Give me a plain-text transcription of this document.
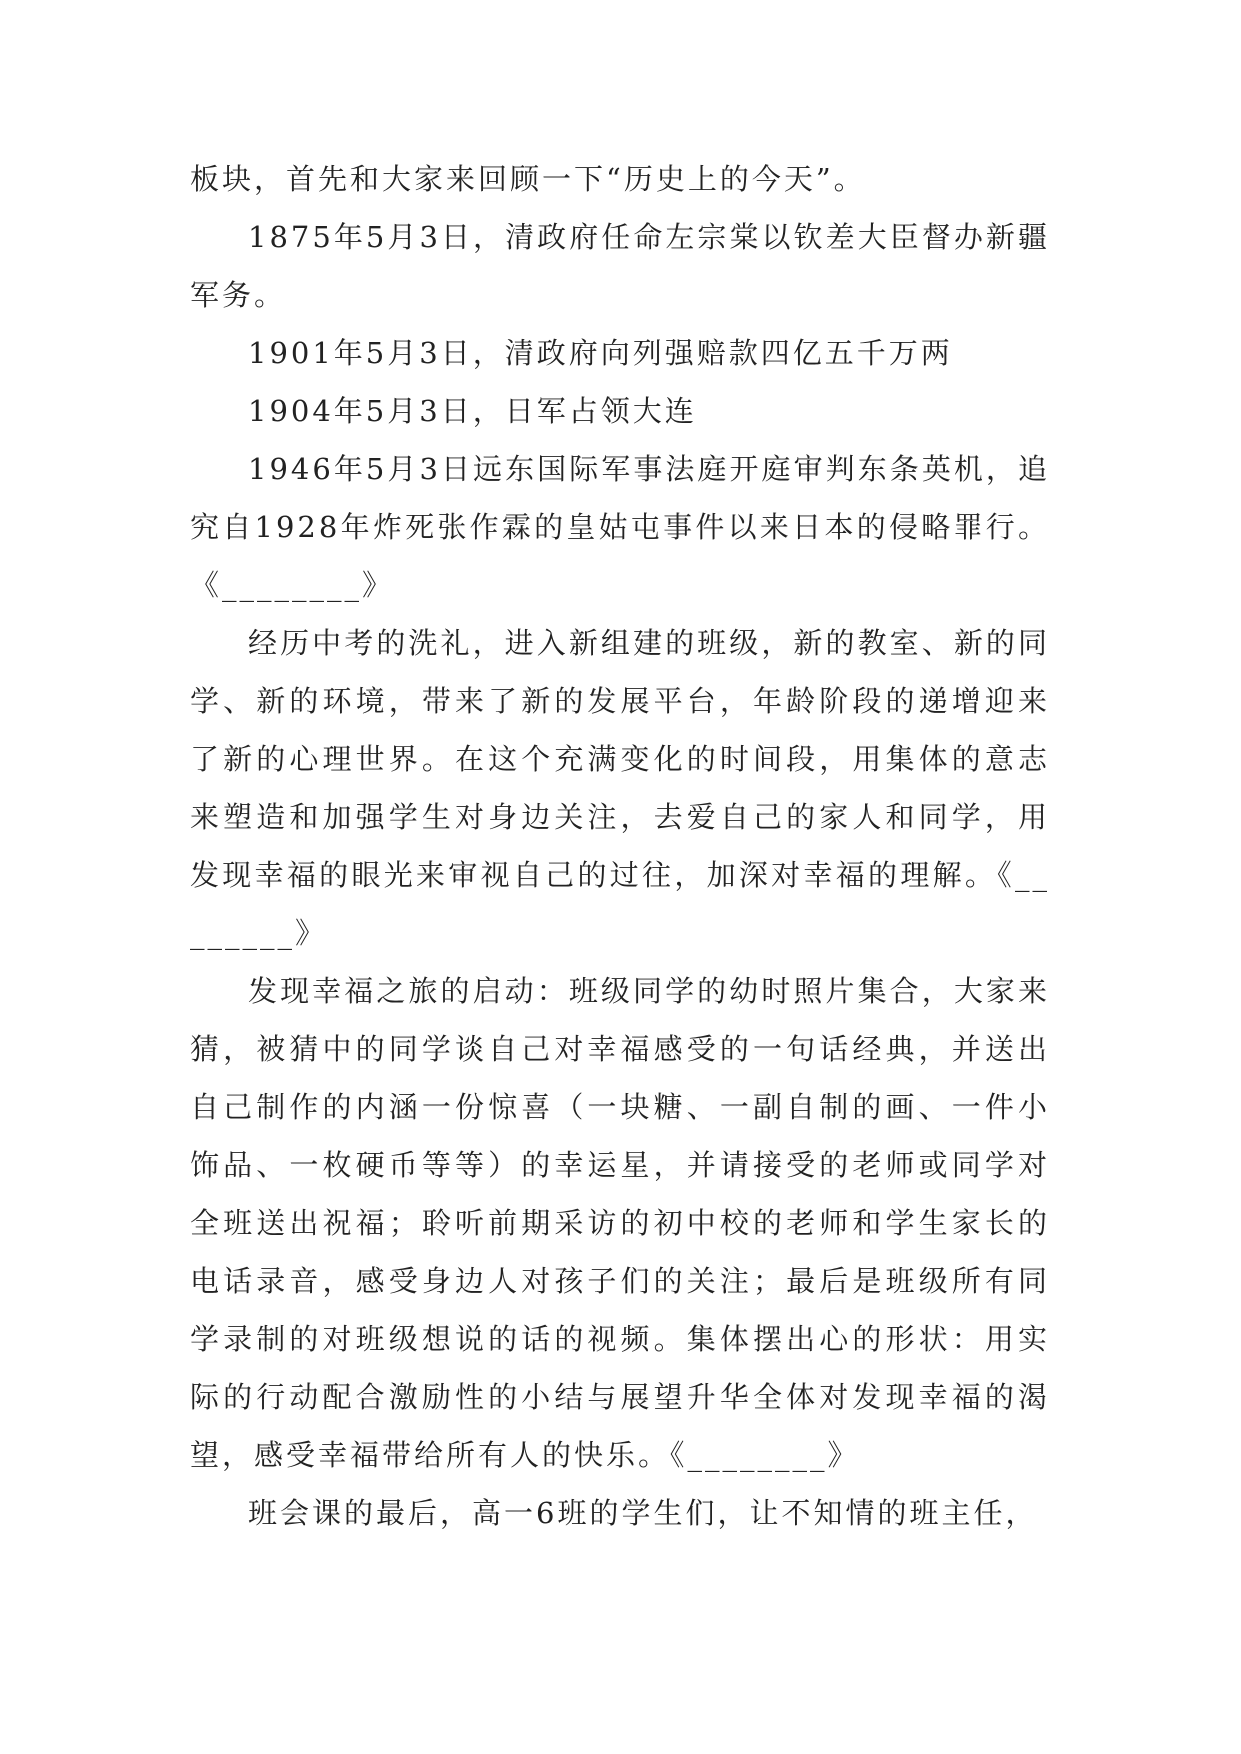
板块，首先和大家来回顾一下“历史上的今天”。

1875年5月3日，清政府任命左宗棠以钦差大臣督办新疆军务。

1901年5月3日，清政府向列强赔款四亿五千万两

1904年5月3日，日军占领大连

1946年5月3日远东国际军事法庭开庭审判东条英机，追究自1928年炸死张作霖的皇姑屯事件以来日本的侵略罪行。《________》

经历中考的洗礼，进入新组建的班级，新的教室、新的同学、新的环境，带来了新的发展平台，年龄阶段的递增迎来了新的心理世界。在这个充满变化的时间段，用集体的意志来塑造和加强学生对身边关注，去爱自己的家人和同学，用发现幸福的眼光来审视自己的过往，加深对幸福的理解。《________》

发现幸福之旅的启动：班级同学的幼时照片集合，大家来猜，被猜中的同学谈自己对幸福感受的一句话经典，并送出自己制作的内涵一份惊喜（一块糖、一副自制的画、一件小饰品、一枚硬币等等）的幸运星，并请接受的老师或同学对全班送出祝福；聆听前期采访的初中校的老师和学生家长的电话录音，感受身边人对孩子们的关注；最后是班级所有同学录制的对班级想说的话的视频。集体摆出心的形状：用实际的行动配合激励性的小结与展望升华全体对发现幸福的渴望，感受幸福带给所有人的快乐。《________》

班会课的最后，高一6班的学生们，让不知情的班主任，
